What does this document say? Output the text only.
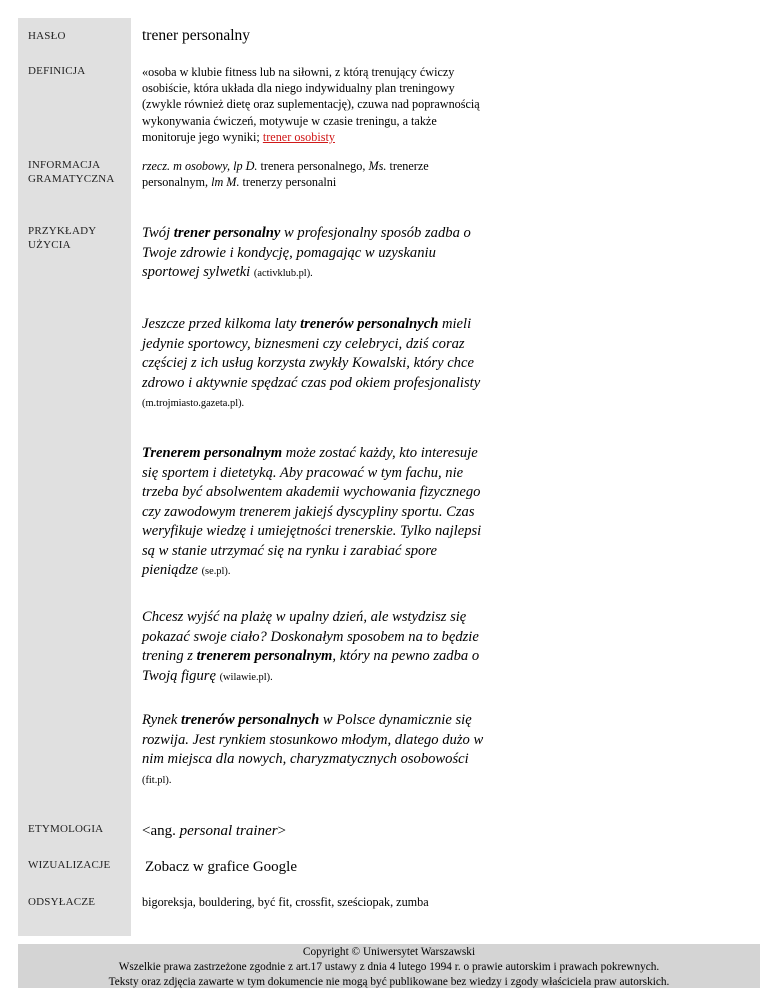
HASŁO
DEFINICJA
INFORMACJA
GRAMATYCZNA
PRZYKŁADY
UŻYCIA
ETYMOLOGIA
WIZUALIZACJE
ODSYŁACZE
trener personalny
«osoba w klubie fitness lub na siłowni, z którą trenujący ćwiczy osobiście, która układa dla niego indywidualny plan treningowy (zwykle również dietę oraz suplementację), czuwa nad poprawnością wykonywania ćwiczeń, motywuje w czasie treningu, a także monitoruje jego wyniki; trener osobisty
rzecz. m osobowy, lp D. trenera personalnego, Ms. trenerze personalnym, lm M. trenerzy personalni
Twój trener personalny w profesjonalny sposób zadba o Twoje zdrowie i kondycję, pomagając w uzyskaniu sportowej sylwetki (activklub.pl).
Jeszcze przed kilkoma laty trenerów personalnych mieli jedynie sportowcy, biznesmeni czy celebryci, dziś coraz częściej z ich usług korzysta zwykły Kowalski, który chce zdrowo i aktywnie spędzać czas pod okiem profesjonalisty (m.trojmiasto.gazeta.pl).
Trenerem personalnym może zostać każdy, kto interesuje się sportem i dietetyką. Aby pracować w tym fachu, nie trzeba być absolwentem akademii wychowania fizycznego czy zawodowym trenerem jakiejś dyscypliny sportu. Czas weryfikuje wiedzę i umiejętności trenerskie. Tylko najlepsi są w stanie utrzymać się na rynku i zarabiać spore pieniądze (se.pl).
Chcesz wyjść na plażę w upalny dzień, ale wstydzisz się pokazać swoje ciało? Doskonałym sposobem na to będzie trening z trenerem personalnym, który na pewno zadba o Twoją figurę (wilawie.pl).
Rynek trenerów personalnych w Polsce dynamicznie się rozwija. Jest rynkiem stosunkowo młodym, dlatego dużo w nim miejsca dla nowych, charyzmatycznych osobowości (fit.pl).
<ang. personal trainer>
Zobacz w grafice Google
bigoreksja, bouldering, być fit, crossfit, sześciopak, zumba
Copyright © Uniwersytet Warszawski
Wszelkie prawa zastrzeżone zgodnie z art.17 ustawy z dnia 4 lutego 1994 r. o prawie autorskim i prawach pokrewnych.
Teksty oraz zdjęcia zawarte w tym dokumencie nie mogą być publikowane bez wiedzy i zgody właściciela praw autorskich.
